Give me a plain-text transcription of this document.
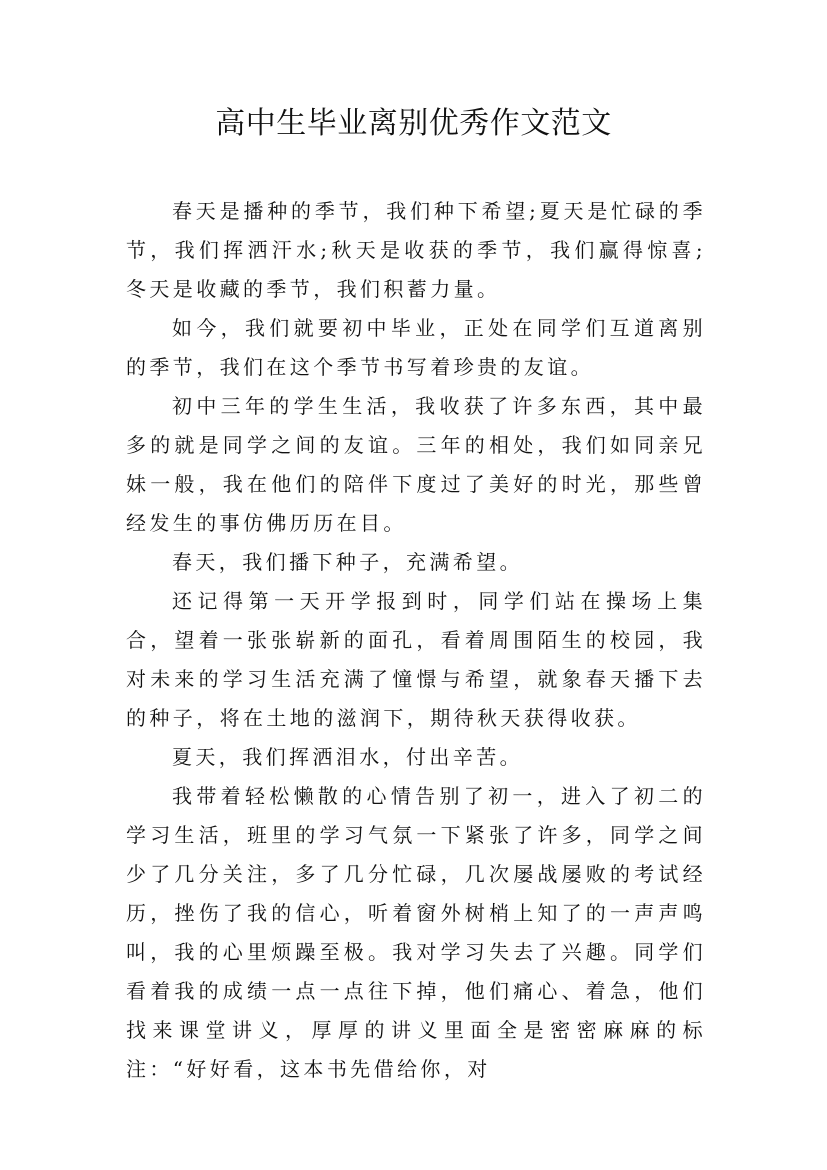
高中生毕业离别优秀作文范文

春天是播种的季节，我们种下希望;夏天是忙碌的季节，我们挥洒汗水;秋天是收获的季节，我们赢得惊喜;冬天是收藏的季节，我们积蓄力量。

如今，我们就要初中毕业，正处在同学们互道离别的季节，我们在这个季节书写着珍贵的友谊。

初中三年的学生生活，我收获了许多东西，其中最多的就是同学之间的友谊。三年的相处，我们如同亲兄妹一般，我在他们的陪伴下度过了美好的时光，那些曾经发生的事仿佛历历在目。

春天，我们播下种子，充满希望。

还记得第一天开学报到时，同学们站在操场上集合，望着一张张崭新的面孔，看着周围陌生的校园，我对未来的学习生活充满了憧憬与希望，就象春天播下去的种子，将在土地的滋润下，期待秋天获得收获。

夏天，我们挥洒泪水，付出辛苦。

我带着轻松懒散的心情告别了初一，进入了初二的学习生活，班里的学习气氛一下紧张了许多，同学之间少了几分关注，多了几分忙碌，几次屡战屡败的考试经历，挫伤了我的信心，听着窗外树梢上知了的一声声鸣叫，我的心里烦躁至极。我对学习失去了兴趣。同学们看着我的成绩一点一点往下掉，他们痛心、着急，他们找来课堂讲义，厚厚的讲义里面全是密密麻麻的标注：“好好看，这本书先借给你，对
